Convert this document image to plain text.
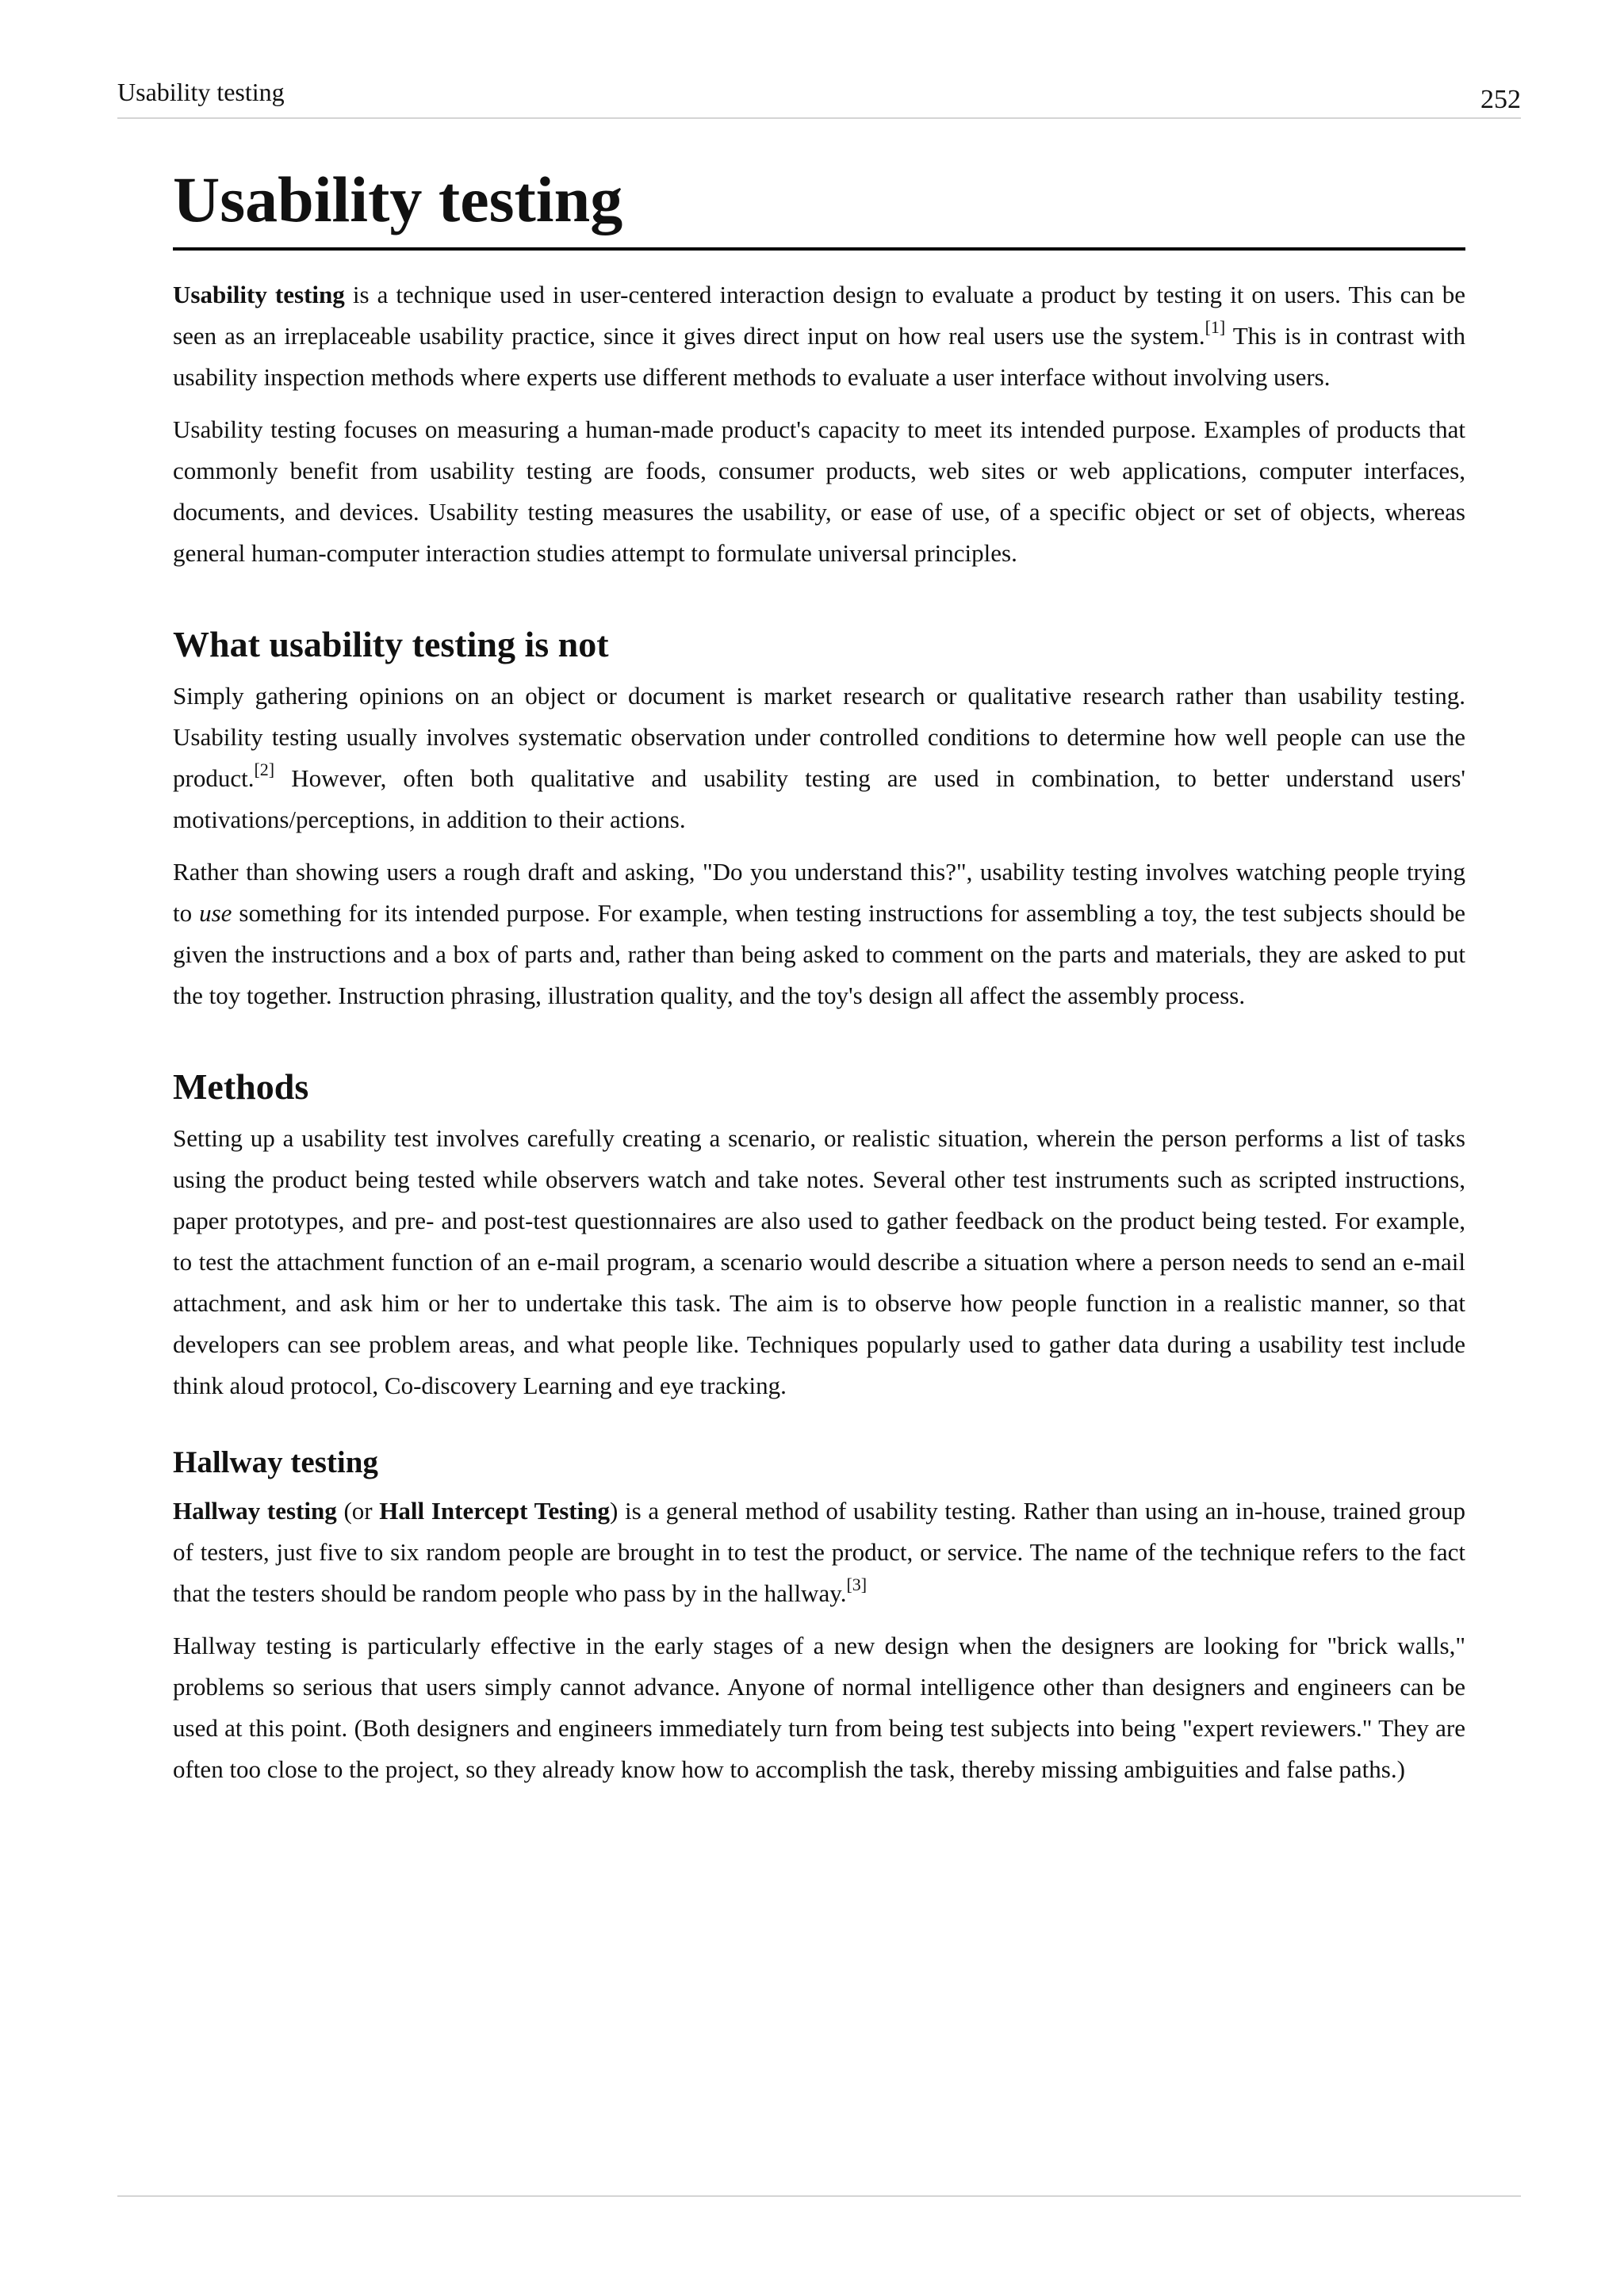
Usability testing	252
Usability testing

Usability testing is a technique used in user-centered interaction design to evaluate a product by testing it on users. This can be seen as an irreplaceable usability practice, since it gives direct input on how real users use the system.[1] This is in contrast with usability inspection methods where experts use different methods to evaluate a user interface without involving users.

Usability testing focuses on measuring a human-made product's capacity to meet its intended purpose. Examples of products that commonly benefit from usability testing are foods, consumer products, web sites or web applications, computer interfaces, documents, and devices. Usability testing measures the usability, or ease of use, of a specific object or set of objects, whereas general human-computer interaction studies attempt to formulate universal principles.

What usability testing is not

Simply gathering opinions on an object or document is market research or qualitative research rather than usability testing. Usability testing usually involves systematic observation under controlled conditions to determine how well people can use the product.[2] However, often both qualitative and usability testing are used in combination, to better understand users' motivations/perceptions, in addition to their actions.

Rather than showing users a rough draft and asking, "Do you understand this?", usability testing involves watching people trying to use something for its intended purpose. For example, when testing instructions for assembling a toy, the test subjects should be given the instructions and a box of parts and, rather than being asked to comment on the parts and materials, they are asked to put the toy together. Instruction phrasing, illustration quality, and the toy's design all affect the assembly process.

Methods

Setting up a usability test involves carefully creating a scenario, or realistic situation, wherein the person performs a list of tasks using the product being tested while observers watch and take notes. Several other test instruments such as scripted instructions, paper prototypes, and pre- and post-test questionnaires are also used to gather feedback on the product being tested. For example, to test the attachment function of an e-mail program, a scenario would describe a situation where a person needs to send an e-mail attachment, and ask him or her to undertake this task. The aim is to observe how people function in a realistic manner, so that developers can see problem areas, and what people like. Techniques popularly used to gather data during a usability test include think aloud protocol, Co-discovery Learning and eye tracking.

Hallway testing

Hallway testing (or Hall Intercept Testing) is a general method of usability testing. Rather than using an in-house, trained group of testers, just five to six random people are brought in to test the product, or service. The name of the technique refers to the fact that the testers should be random people who pass by in the hallway.[3]

Hallway testing is particularly effective in the early stages of a new design when the designers are looking for "brick walls," problems so serious that users simply cannot advance. Anyone of normal intelligence other than designers and engineers can be used at this point. (Both designers and engineers immediately turn from being test subjects into being "expert reviewers." They are often too close to the project, so they already know how to accomplish the task, thereby missing ambiguities and false paths.)
